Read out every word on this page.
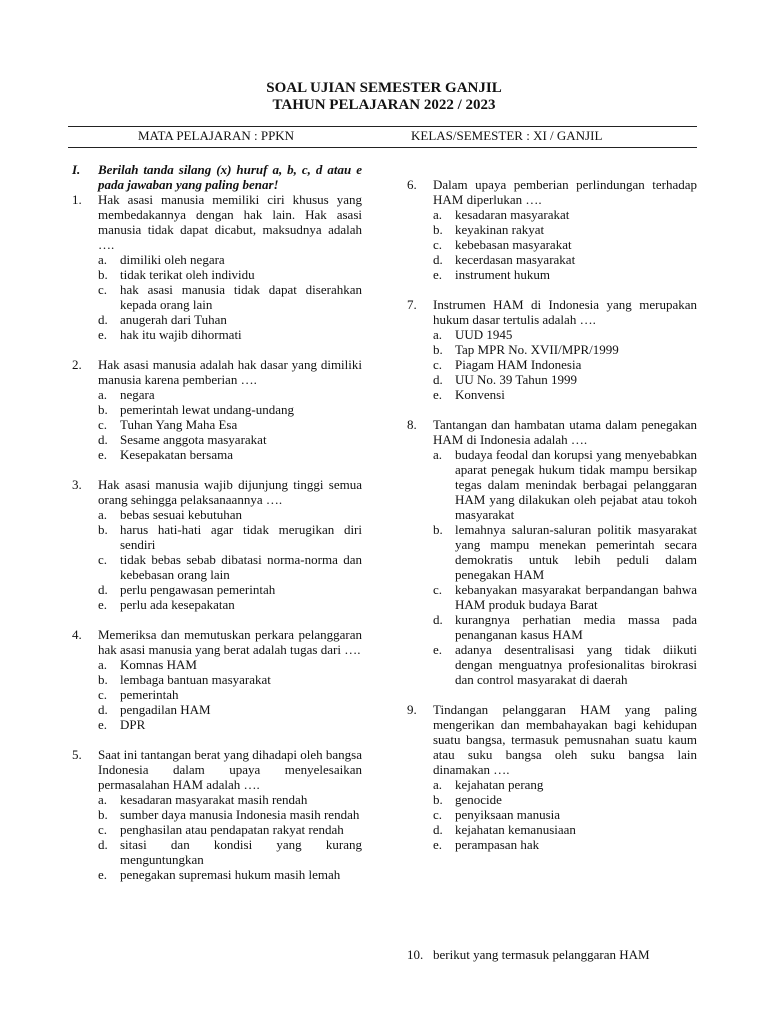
SOAL UJIAN SEMESTER GANJIL
TAHUN PELAJARAN 2022 / 2023
MATA PELAJARAN : PPKN	KELAS/SEMESTER : XI / GANJIL
I.	Berilah tanda silang (x) huruf a, b, c, d atau e pada jawaban yang paling benar!
1.	Hak asasi manusia memiliki ciri khusus yang membedakannya dengan hak lain. Hak asasi manusia tidak dapat dicabut, maksudnya adalah ….
a. dimiliki oleh negara
b. tidak terikat oleh individu
c. hak asasi manusia tidak dapat diserahkan kepada orang lain
d. anugerah dari Tuhan
e. hak itu wajib dihormati
2.	Hak asasi manusia adalah hak dasar yang dimiliki manusia karena pemberian ….
a. negara
b. pemerintah lewat undang-undang
c. Tuhan Yang Maha Esa
d. Sesame anggota masyarakat
e. Kesepakatan bersama
3.	Hak asasi manusia wajib dijunjung tinggi semua orang sehingga pelaksanaannya ….
a. bebas sesuai kebutuhan
b. harus hati-hati agar tidak merugikan diri sendiri
c. tidak bebas sebab dibatasi norma-norma dan kebebasan orang lain
d. perlu pengawasan pemerintah
e. perlu ada kesepakatan
4.	Memeriksa dan memutuskan perkara pelanggaran hak asasi manusia yang berat adalah tugas dari ….
a. Komnas HAM
b. lembaga bantuan masyarakat
c. pemerintah
d. pengadilan HAM
e. DPR
5.	Saat ini tantangan berat yang dihadapi oleh bangsa Indonesia dalam upaya menyelesaikan permasalahan HAM adalah ….
a. kesadaran masyarakat masih rendah
b. sumber daya manusia Indonesia masih rendah
c. penghasilan atau pendapatan rakyat rendah
d. sitasi dan kondisi yang kurang menguntungkan
e. penegakan supremasi hukum masih lemah
6.	Dalam upaya pemberian perlindungan terhadap HAM diperlukan ….
a. kesadaran masyarakat
b. keyakinan rakyat
c. kebebasan masyarakat
d. kecerdasan masyarakat
e. instrument hukum
7.	Instrumen HAM di Indonesia yang merupakan hukum dasar tertulis adalah ….
a. UUD 1945
b. Tap MPR No. XVII/MPR/1999
c. Piagam HAM Indonesia
d. UU No. 39 Tahun 1999
e. Konvensi
8.	Tantangan dan hambatan utama dalam penegakan HAM di Indonesia adalah ….
a. budaya feodal dan korupsi yang menyebabkan aparat penegak hukum tidak mampu bersikap tegas dalam menindak berbagai pelanggaran HAM yang dilakukan oleh pejabat atau tokoh masyarakat
b. lemahnya saluran-saluran politik masyarakat yang mampu menekan pemerintah secara demokratis untuk lebih peduli dalam penegakan HAM
c. kebanyakan masyarakat berpandangan bahwa HAM produk budaya Barat
d. kurangnya perhatian media massa pada penanganan kasus HAM
e. adanya desentralisasi yang tidak diikuti dengan menguatnya profesionalitas birokrasi dan control masyarakat di daerah
9.	Tindangan pelanggaran HAM yang paling mengerikan dan membahayakan bagi kehidupan suatu bangsa, termasuk pemusnahan suatu kaum atau suku bangsa oleh suku bangsa lain dinamakan ….
a. kejahatan perang
b. genocide
c. penyiksaan manusia
d. kejahatan kemanusiaan
e. perampasan hak
10. berikut yang termasuk pelanggaran HAM
